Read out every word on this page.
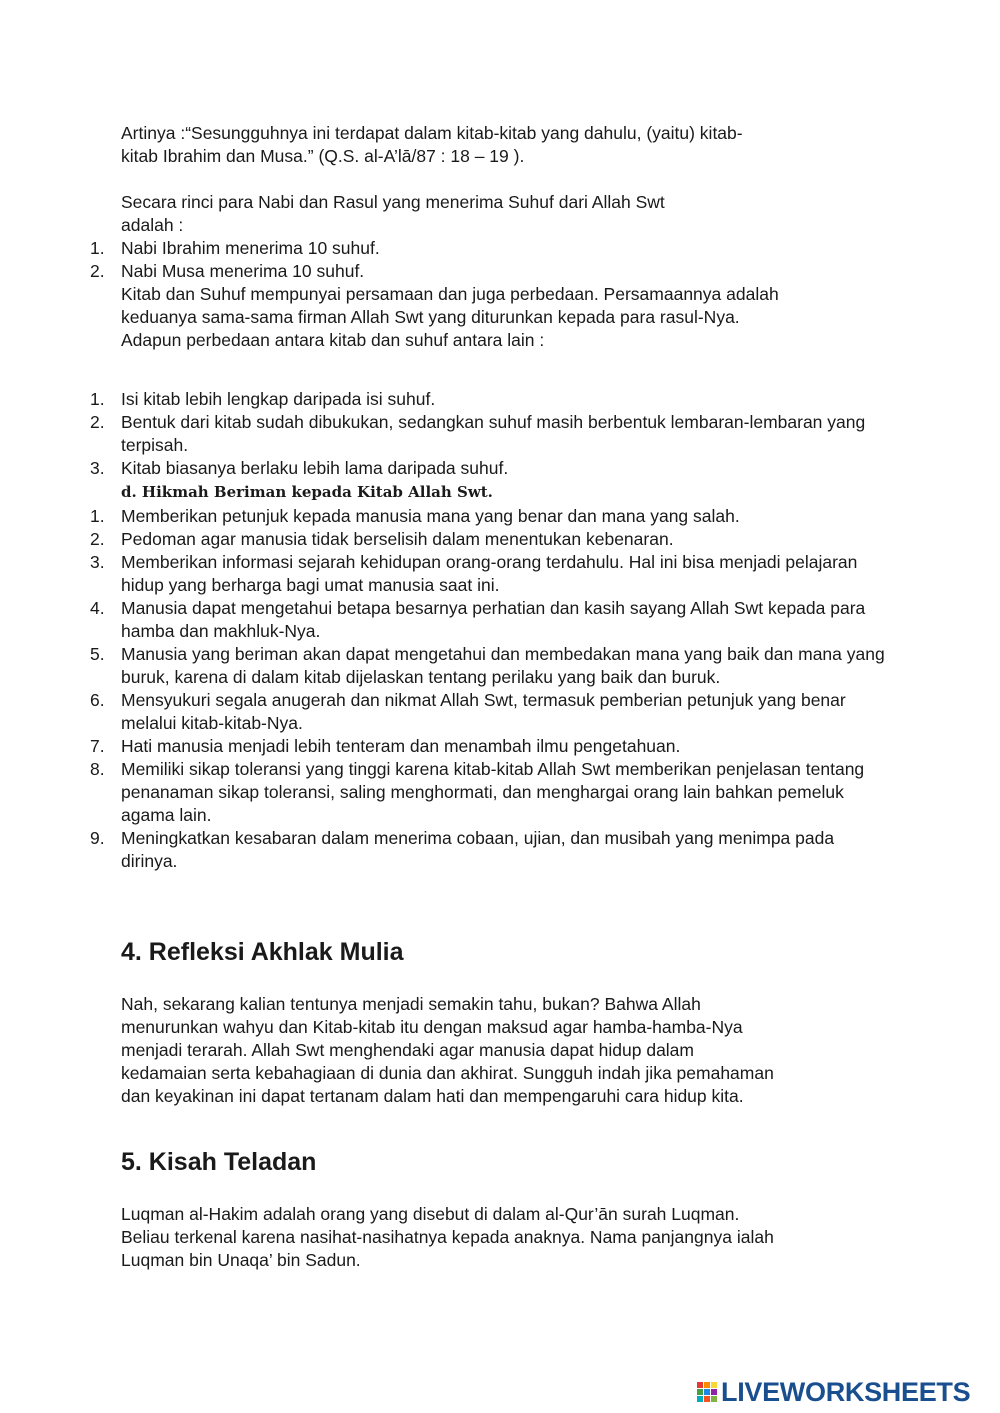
Artinya :“Sesungguhnya ini terdapat dalam kitab-kitab yang dahulu, (yaitu) kitab-
kitab Ibrahim dan Musa.” (Q.S. al-A’lā/87 : 18 – 19 ).

Secara rinci para Nabi dan Rasul yang menerima Suhuf dari Allah Swt
adalah :

1. Nabi Ibrahim menerima 10 suhuf.
2. Nabi Musa menerima 10 suhuf.

Kitab dan Suhuf mempunyai persamaan dan juga perbedaan. Persamaannya adalah
keduanya sama-sama firman Allah Swt yang diturunkan kepada para rasul-Nya.
Adapun perbedaan antara kitab dan suhuf antara lain :

1. Isi kitab lebih lengkap daripada isi suhuf.
2. Bentuk dari kitab sudah dibukukan, sedangkan suhuf masih berbentuk lembaran-lembaran yang terpisah.
3. Kitab biasanya berlaku lebih lama daripada suhuf.
d. Hikmah Beriman kepada Kitab Allah Swt.
1. Memberikan petunjuk kepada manusia mana yang benar dan mana yang salah.
2. Pedoman agar manusia tidak berselisih dalam menentukan kebenaran.
3. Memberikan informasi sejarah kehidupan orang-orang terdahulu. Hal ini bisa menjadi pelajaran hidup yang berharga bagi umat manusia saat ini.
4. Manusia dapat mengetahui betapa besarnya perhatian dan kasih sayang Allah Swt kepada para hamba dan makhluk-Nya.
5. Manusia yang beriman akan dapat mengetahui dan membedakan mana yang baik dan mana yang buruk, karena di dalam kitab dijelaskan tentang perilaku yang baik dan buruk.
6. Mensyukuri segala anugerah dan nikmat Allah Swt, termasuk pemberian petunjuk yang benar melalui kitab-kitab-Nya.
7. Hati manusia menjadi lebih tenteram dan menambah ilmu pengetahuan.
8. Memiliki sikap toleransi yang tinggi karena kitab-kitab Allah Swt memberikan penjelasan tentang penanaman sikap toleransi, saling menghormati, dan menghargai orang lain bahkan pemeluk agama lain.
9. Meningkatkan kesabaran dalam menerima cobaan, ujian, dan musibah yang menimpa pada dirinya.
4. Refleksi Akhlak Mulia

Nah, sekarang kalian tentunya menjadi semakin tahu, bukan? Bahwa Allah
menurunkan wahyu dan Kitab-kitab itu dengan maksud agar hamba-hamba-Nya
menjadi terarah. Allah Swt menghendaki agar manusia dapat hidup dalam
kedamaian serta kebahagiaan di dunia dan akhirat. Sungguh indah jika pemahaman
dan keyakinan ini dapat tertanam dalam hati dan mempengaruhi cara hidup kita.

5. Kisah Teladan

Luqman al-Hakim adalah orang yang disebut di dalam al-Qur’ān surah Luqman.
Beliau terkenal karena nasihat-nasihatnya kepada anaknya. Nama panjangnya ialah
Luqman bin Unaqa’ bin Sadun.

LIVEWORKSHEETS
